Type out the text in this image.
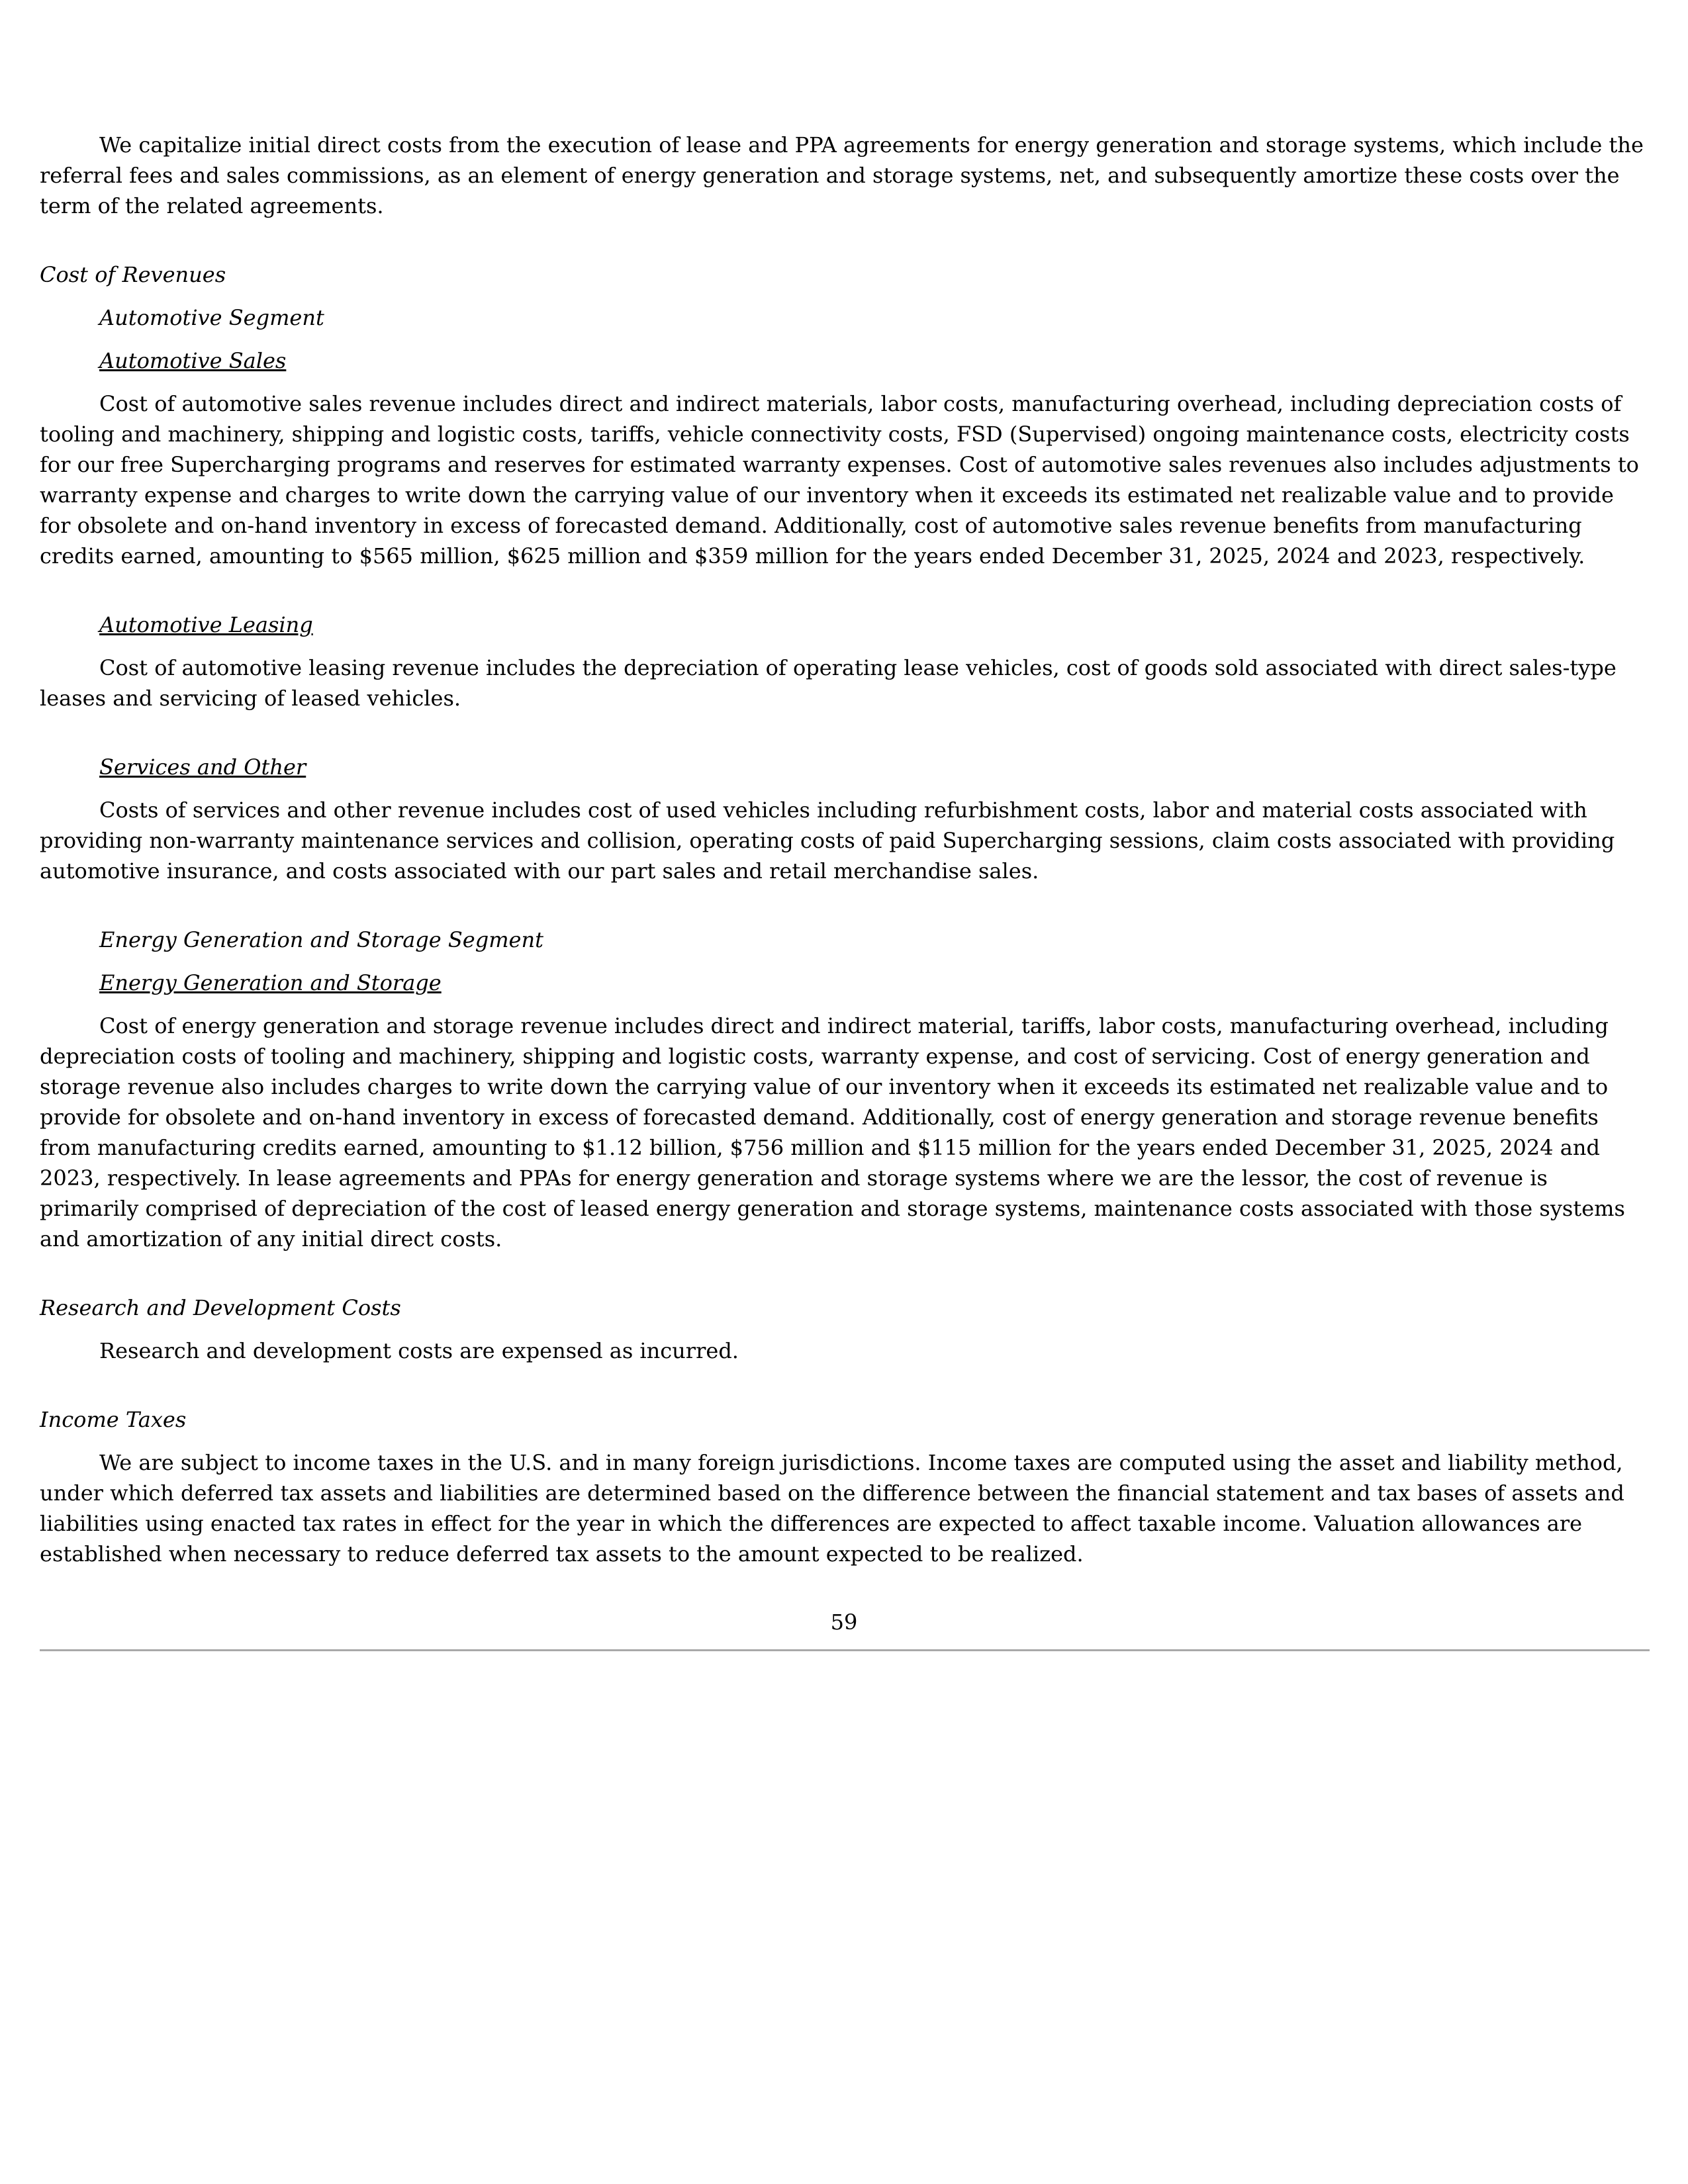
We capitalize initial direct costs from the execution of lease and PPA agreements for energy generation and storage systems, which include the referral fees and sales commissions, as an element of energy generation and storage systems, net, and subsequently amortize these costs over the term of the related agreements.

Cost of Revenues

Automotive Segment

Automotive Sales

Cost of automotive sales revenue includes direct and indirect materials, labor costs, manufacturing overhead, including depreciation costs of tooling and machinery, shipping and logistic costs, tariffs, vehicle connectivity costs, FSD (Supervised) ongoing maintenance costs, electricity costs for our free Supercharging programs and reserves for estimated warranty expenses. Cost of automotive sales revenues also includes adjustments to warranty expense and charges to write down the carrying value of our inventory when it exceeds its estimated net realizable value and to provide for obsolete and on-hand inventory in excess of forecasted demand. Additionally, cost of automotive sales revenue benefits from manufacturing credits earned, amounting to $565 million, $625 million and $359 million for the years ended December 31, 2025, 2024 and 2023, respectively.

Automotive Leasing

Cost of automotive leasing revenue includes the depreciation of operating lease vehicles, cost of goods sold associated with direct sales-type leases and servicing of leased vehicles.

Services and Other

Costs of services and other revenue includes cost of used vehicles including refurbishment costs, labor and material costs associated with providing non-warranty maintenance services and collision, operating costs of paid Supercharging sessions, claim costs associated with providing automotive insurance, and costs associated with our part sales and retail merchandise sales.

Energy Generation and Storage Segment

Energy Generation and Storage

Cost of energy generation and storage revenue includes direct and indirect material, tariffs, labor costs, manufacturing overhead, including depreciation costs of tooling and machinery, shipping and logistic costs, warranty expense, and cost of servicing. Cost of energy generation and storage revenue also includes charges to write down the carrying value of our inventory when it exceeds its estimated net realizable value and to provide for obsolete and on-hand inventory in excess of forecasted demand. Additionally, cost of energy generation and storage revenue benefits from manufacturing credits earned, amounting to $1.12 billion, $756 million and $115 million for the years ended December 31, 2025, 2024 and 2023, respectively. In lease agreements and PPAs for energy generation and storage systems where we are the lessor, the cost of revenue is primarily comprised of depreciation of the cost of leased energy generation and storage systems, maintenance costs associated with those systems and amortization of any initial direct costs.

Research and Development Costs

Research and development costs are expensed as incurred.

Income Taxes

We are subject to income taxes in the U.S. and in many foreign jurisdictions. Income taxes are computed using the asset and liability method, under which deferred tax assets and liabilities are determined based on the difference between the financial statement and tax bases of assets and liabilities using enacted tax rates in effect for the year in which the differences are expected to affect taxable income. Valuation allowances are established when necessary to reduce deferred tax assets to the amount expected to be realized.

59
